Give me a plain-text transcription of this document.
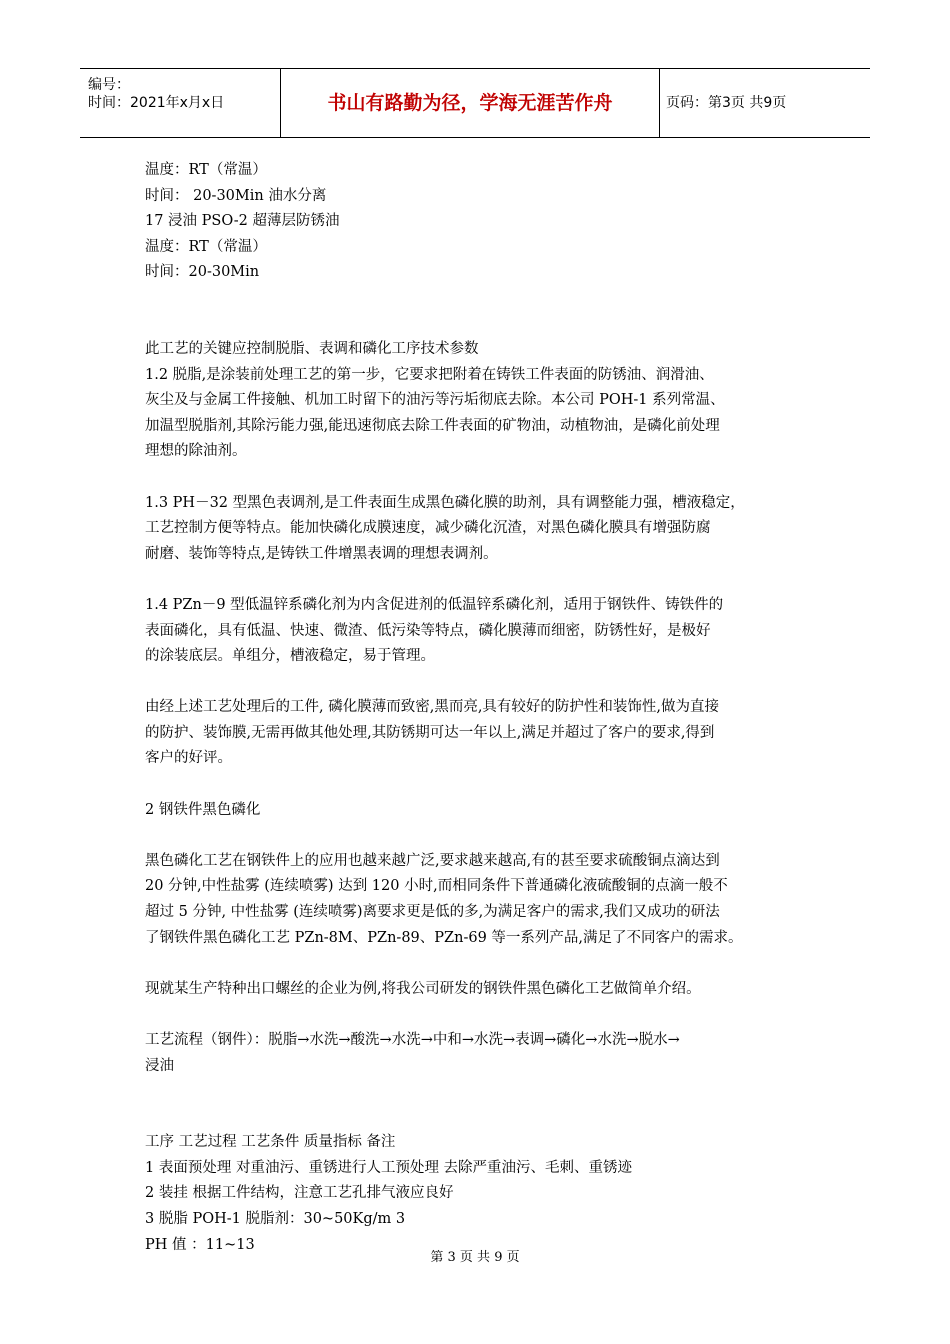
编号：
时间：2021年x月x日	书山有路勤为径，学海无涯苦作舟	页码：第3页 共9页

温度：RT（常温）

时间： 20-30Min 油水分离

17 浸油 PSO-2 超薄层防锈油

温度：RT（常温）

时间：20-30Min

此工艺的关键应控制脱脂、表调和磷化工序技术参数

1.2 脱脂,是涂装前处理工艺的第一步，它要求把附着在铸铁工件表面的防锈油、润滑油、

灰尘及与金属工件接触、机加工时留下的油污等污垢彻底去除。本公司 POH-1 系列常温、

加温型脱脂剂,其除污能力强,能迅速彻底去除工件表面的矿物油，动植物油，是磷化前处理

理想的除油剂。

1.3 PH－32 型黑色表调剂,是工件表面生成黑色磷化膜的助剂，具有调整能力强，槽液稳定，

工艺控制方便等特点。能加快磷化成膜速度，减少磷化沉渣，对黑色磷化膜具有增强防腐

耐磨、装饰等特点,是铸铁工件增黑表调的理想表调剂。

1.4 PZn－9 型低温锌系磷化剂为内含促进剂的低温锌系磷化剂，适用于钢铁件、铸铁件的

表面磷化，具有低温、快速、微渣、低污染等特点，磷化膜薄而细密，防锈性好，是极好

的涂装底层。单组分，槽液稳定，易于管理。

由经上述工艺处理后的工件, 磷化膜薄而致密,黑而亮,具有较好的防护性和装饰性,做为直接

的防护、装饰膜,无需再做其他处理,其防锈期可达一年以上,满足并超过了客户的要求,得到

客户的好评。

2 钢铁件黑色磷化

黑色磷化工艺在钢铁件上的应用也越来越广泛,要求越来越高,有的甚至要求硫酸铜点滴达到

20 分钟,中性盐雾 (连续喷雾) 达到 120 小时,而相同条件下普通磷化液硫酸铜的点滴一般不

超过 5 分钟, 中性盐雾 (连续喷雾)离要求更是低的多,为满足客户的需求,我们又成功的研法

了钢铁件黑色磷化工艺 PZn-8M、PZn-89、PZn-69 等一系列产品,满足了不同客户的需求。

现就某生产特种出口螺丝的企业为例,将我公司研发的钢铁件黑色磷化工艺做简单介绍。

工艺流程（钢件）：脱脂→水洗→酸洗→水洗→中和→水洗→表调→磷化→水洗→脱水→

浸油

工序 工艺过程 工艺条件 质量指标 备注

1 表面预处理 对重油污、重锈进行人工预处理 去除严重油污、毛刺、重锈迹

2 装挂 根据工件结构，注意工艺孔排气液应良好

3 脱脂 POH-1 脱脂剂：30~50Kg/m 3

PH 值 ：11~13

第 3 页 共 9 页
